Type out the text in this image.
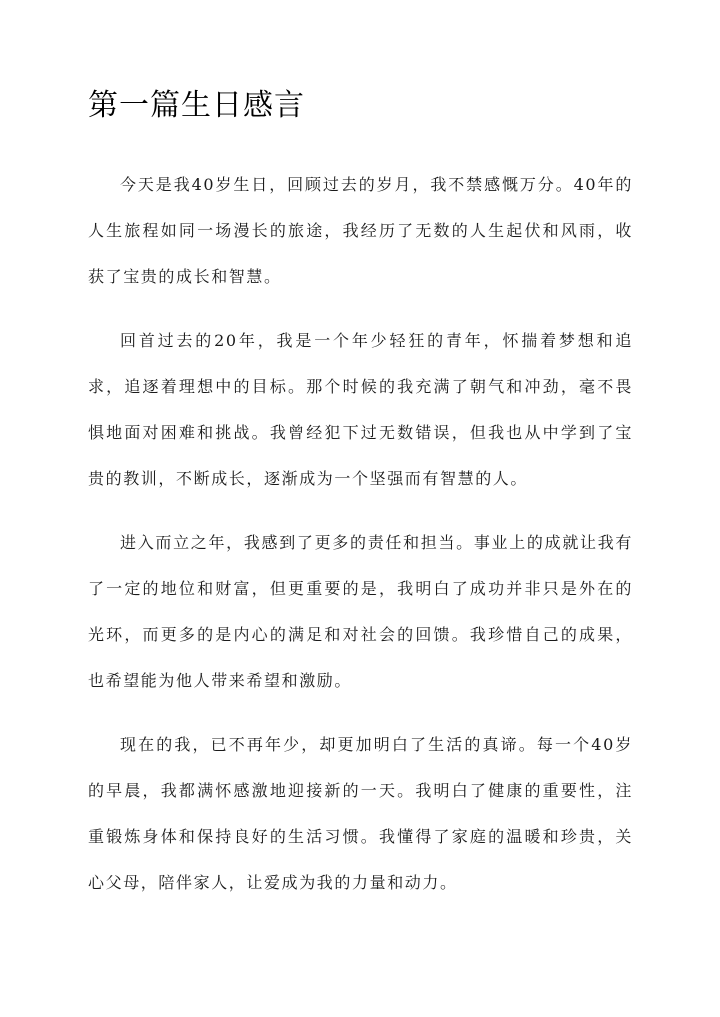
第一篇生日感言

今天是我40岁生日，回顾过去的岁月，我不禁感慨万分。40年的人生旅程如同一场漫长的旅途，我经历了无数的人生起伏和风雨，收获了宝贵的成长和智慧。

回首过去的20年，我是一个年少轻狂的青年，怀揣着梦想和追求，追逐着理想中的目标。那个时候的我充满了朝气和冲劲，毫不畏惧地面对困难和挑战。我曾经犯下过无数错误，但我也从中学到了宝贵的教训，不断成长，逐渐成为一个坚强而有智慧的人。

进入而立之年，我感到了更多的责任和担当。事业上的成就让我有了一定的地位和财富，但更重要的是，我明白了成功并非只是外在的光环，而更多的是内心的满足和对社会的回馈。我珍惜自己的成果，也希望能为他人带来希望和激励。

现在的我，已不再年少，却更加明白了生活的真谛。每一个40岁的早晨，我都满怀感激地迎接新的一天。我明白了健康的重要性，注重锻炼身体和保持良好的生活习惯。我懂得了家庭的温暖和珍贵，关心父母，陪伴家人，让爱成为我的力量和动力。
